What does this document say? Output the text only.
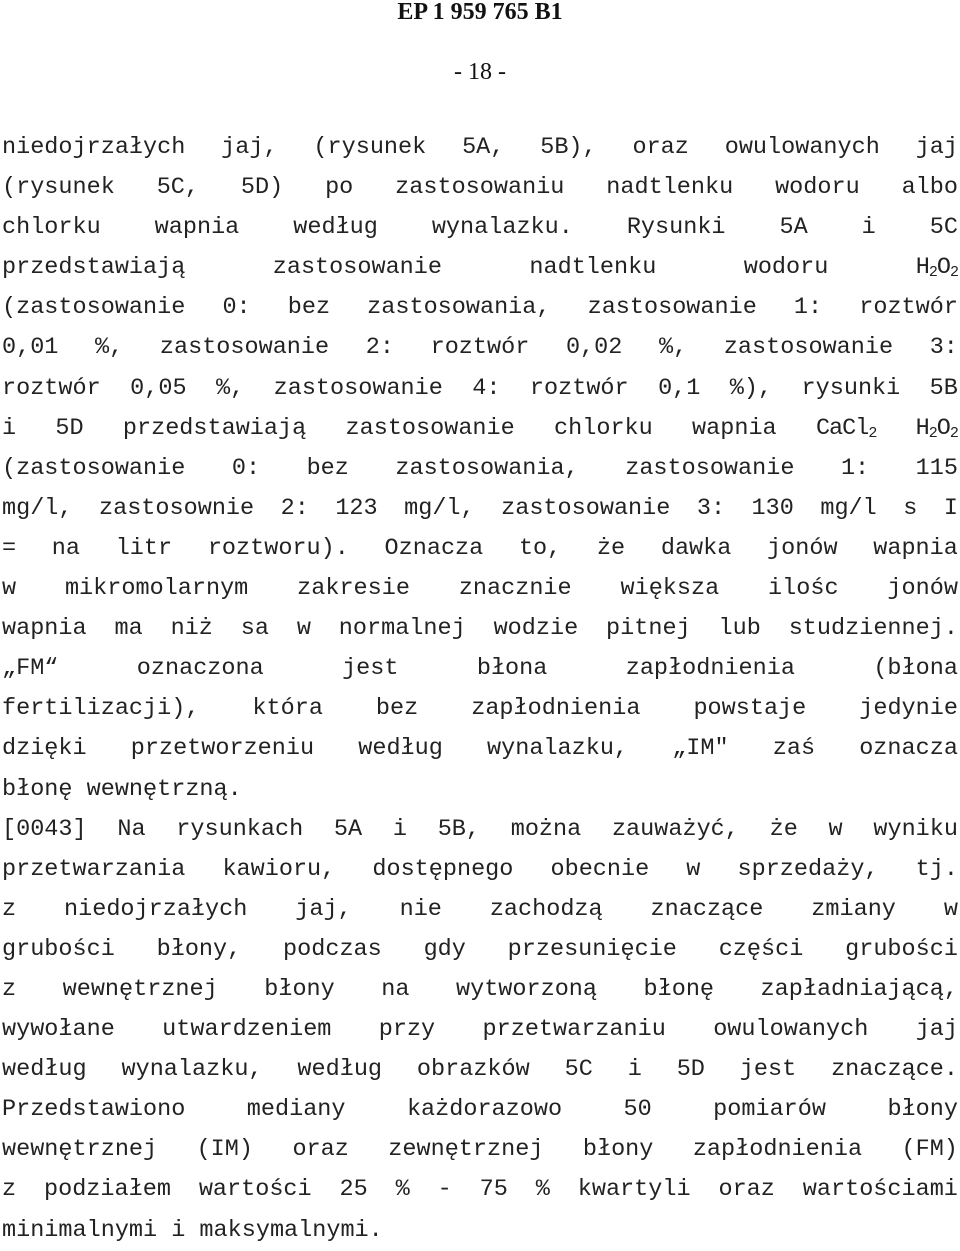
EP 1 959 765 B1
- 18 -
niedojrzałych jaj, (rysunek 5A, 5B), oraz owulowanych jaj
(rysunek 5C, 5D) po zastosowaniu nadtlenku wodoru albo
chlorku wapnia według wynalazku. Rysunki 5A i 5C
przedstawiają	zastosowanie	nadtlenku	wodoru	$H_2O_2$
(zastosowanie 0: bez zastosowania, zastosowanie 1: roztwór
0,01 %, zastosowanie 2: roztwór 0,02 %, zastosowanie 3:
roztwór 0,05 %, zastosowanie 4: roztwór 0,1 %), rysunki 5B
i 5D przedstawiają zastosowanie chlorku wapnia CaCl$_2$ $H_2O_2$
(zastosowanie 0: bez zastosowania, zastosowanie 1: 115
mg/l, zastosownie 2: 123 mg/l, zastosowanie 3: 130 mg/l s I
= na litr roztworu). Oznacza to, że dawka jonów wapnia
w mikromolarnym zakresie znacznie większa ilośc jonów
wapnia ma niż sa w normalnej wodzie pitnej lub studziennej.
„FM“	oznaczona	jest	błona	zapłodnienia	(błona
fertilizacji), która bez zapłodnienia powstaje jedynie
dzięki przetworzeniu według wynalazku, „IM" zaś oznacza
błonę wewnętrzną.
[0043] Na rysunkach 5A i 5B, można zauważyć, że w wyniku
przetwarzania kawioru, dostępnego obecnie w sprzedaży, tj.
z niedojrzałych jaj, nie zachodzą znaczące zmiany w
grubości błony, podczas gdy przesunięcie części grubości
z wewnętrznej błony na wytworzoną błonę zapładniającą,
wywołane utwardzeniem przy przetwarzaniu owulowanych jaj
według wynalazku, według obrazków 5C i 5D jest znaczące.
Przedstawiono	mediany	każdorazowo	50	pomiarów	błony
wewnętrznej (IM) oraz zewnętrznej błony zapłodnienia (FM)
z podziałem wartości 25 % - 75 % kwartyli oraz wartościami
minimalnymi i maksymalnymi.
